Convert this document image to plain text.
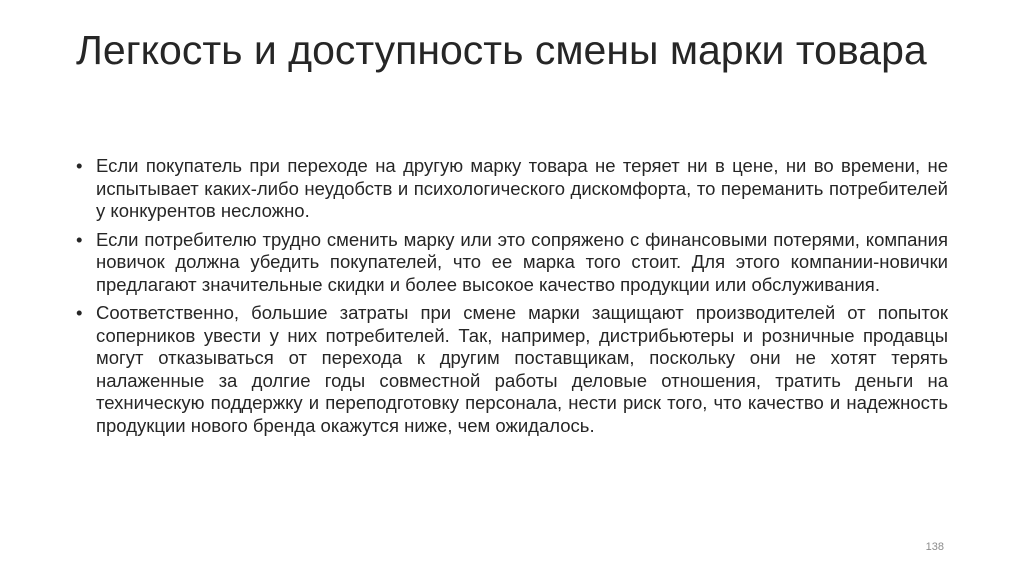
Легкость и доступность смены марки товара
• Если покупатель при переходе на другую марку товара не теряет ни в цене, ни во времени, не испытывает каких-либо неудобств и психологического дискомфорта, то переманить потребителей у конкурентов несложно.
• Если потребителю трудно сменить марку или это сопряжено с финансовыми потерями, компания новичок должна убедить покупателей, что ее марка того стоит. Для этого компании-новички предлагают значительные скидки и более высокое качество продукции или обслуживания.
• Соответственно, большие затраты при смене марки защищают производителей от попыток соперников увести у них потребителей. Так, например, дистрибьютеры и розничные продавцы могут отказываться от перехода к другим поставщикам, поскольку они не хотят терять налаженные за долгие годы совместной работы деловые отношения, тратить деньги на техническую поддержку и переподготовку персонала, нести риск того, что качество и надежность продукции нового бренда окажутся ниже, чем ожидалось.
138
